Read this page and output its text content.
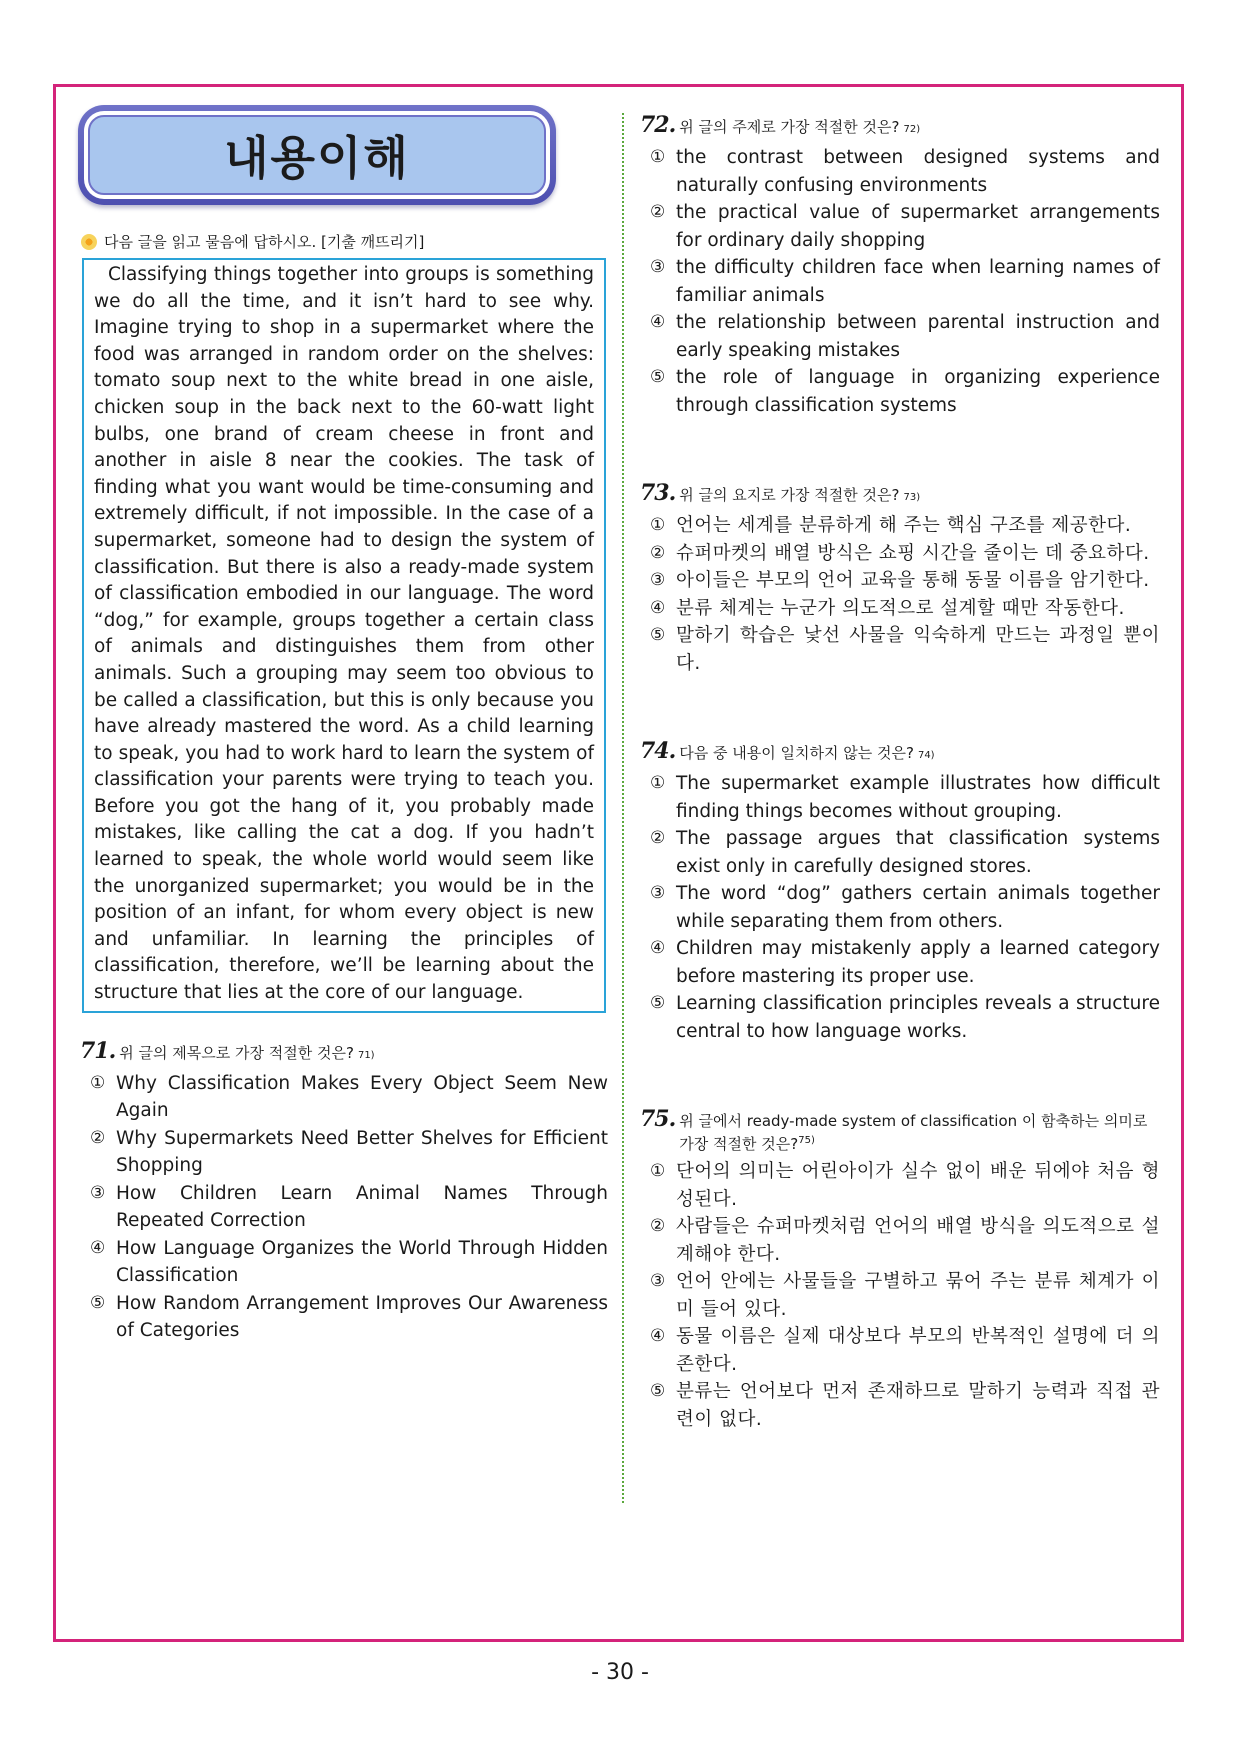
내용이해
다음 글을 읽고 물음에 답하시오. [기출 깨뜨리기]
Classifying things together into groups is something we do all the time, and it isn’t hard to see why. Imagine trying to shop in a supermarket where the food was arranged in random order on the shelves: tomato soup next to the white bread in one aisle, chicken soup in the back next to the 60-watt light bulbs, one brand of cream cheese in front and another in aisle 8 near the cookies. The task of finding what you want would be time-consuming and extremely difficult, if not impossible. In the case of a supermarket, someone had to design the system of classification. But there is also a ready-made system of classification embodied in our language. The word “dog,” for example, groups together a certain class of animals and distinguishes them from other animals. Such a grouping may seem too obvious to be called a classification, but this is only because you have already mastered the word. As a child learning to speak, you had to work hard to learn the system of classification your parents were trying to teach you. Before you got the hang of it, you probably made mistakes, like calling the cat a dog. If you hadn’t learned to speak, the whole world would seem like the unorganized supermarket; you would be in the position of an infant, for whom every object is new and unfamiliar. In learning the principles of classification, therefore, we’ll be learning about the structure that lies at the core of our language.
71. 위 글의 제목으로 가장 적절한 것은? $_{71)}$
① Why Classification Makes Every Object Seem New Again
② Why Supermarkets Need Better Shelves for Efficient Shopping
③ How Children Learn Animal Names Through Repeated Correction
④ How Language Organizes the World Through Hidden Classification
⑤ How Random Arrangement Improves Our Awareness of Categories
72. 위 글의 주제로 가장 적절한 것은? $_{72)}$
① the contrast between designed systems and naturally confusing environments
② the practical value of supermarket arrangements for ordinary daily shopping
③ the difficulty children face when learning names of familiar animals
④ the relationship between parental instruction and early speaking mistakes
⑤ the role of language in organizing experience through classification systems
73. 위 글의 요지로 가장 적절한 것은? $_{73)}$
① 언어는 세계를 분류하게 해 주는 핵심 구조를 제공한다.
② 슈퍼마켓의 배열 방식은 쇼핑 시간을 줄이는 데 중요하다.
③ 아이들은 부모의 언어 교육을 통해 동물 이름을 암기한다.
④ 분류 체계는 누군가 의도적으로 설계할 때만 작동한다.
⑤ 말하기 학습은 낯선 사물을 익숙하게 만드는 과정일 뿐이다.
74. 다음 중 내용이 일치하지 않는 것은? $_{74)}$
① The supermarket example illustrates how difficult finding things becomes without grouping.
② The passage argues that classification systems exist only in carefully designed stores.
③ The word “dog” gathers certain animals together while separating them from others.
④ Children may mistakenly apply a learned category before mastering its proper use.
⑤ Learning classification principles reveals a structure central to how language works.
75. 위 글에서 ready-made system of classification 이 함축하는 의미로 가장 적절한 것은?$^{75)}$
① 단어의 의미는 어린아이가 실수 없이 배운 뒤에야 처음 형성된다.
② 사람들은 슈퍼마켓처럼 언어의 배열 방식을 의도적으로 설계해야 한다.
③ 언어 안에는 사물들을 구별하고 묶어 주는 분류 체계가 이미 들어 있다.
④ 동물 이름은 실제 대상보다 부모의 반복적인 설명에 더 의존한다.
⑤ 분류는 언어보다 먼저 존재하므로 말하기 능력과 직접 관련이 없다.
- 30 -
